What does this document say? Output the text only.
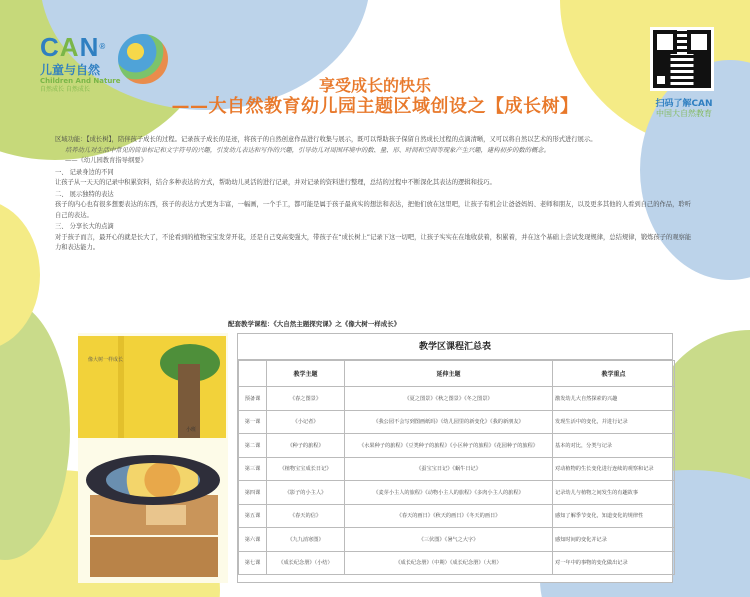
CAN®
儿童与自然
Children And Nature
自然成长 自然成长
扫码了解CAN
中国大自然教育
享受成长的快乐
——大自然教育幼儿园主题区域创设之【成长树】

区域功能：【成长树】，陪伴孩子成长的过程。记录孩子成长的足迹，将孩子的自然创意作品进行收集与展示，既可以帮助孩子保留自然成长过程的点滴清晰，又可以将自然以艺术的形式进行展示。

培养幼儿对生活中常见的简单标记和文字符号的兴趣，引发幼儿表达和写作的兴趣，引导幼儿对周围环境中的数、量、形、时间和空间等现象产生兴趣，建构初步的数的概念。

——《幼儿园教育指导纲要》

一、 记录身边的不同

让孩子从一天天的记录中积累资料，结合多种表达的方式，帮助幼儿灵活的进行记录，并对记录的资料进行整理，总结的过程中不断深化其表达的逻辑和技巧。

二、 展示独特的表达

孩子的内心也有很多想要表达的东西，孩子的表达方式更为丰富，一幅画，一个手工，都可能是属于孩子最真实的想法和表达，把他们放在这里吧，让孩子有机会让爸爸妈妈、老师和朋友，以及更多其他的人看到自己的作品，聆听自己的表达。

三、 分享长大的点滴

对于孩子而言，最开心的就是长大了，不论看到的植物宝宝发芽开花，还是自己变高变强大，带孩子在“成长树上”记录下这一切吧，让孩子实实在在地收获着，积累着，并在这个基础上尝试发现规律，总结规律，锻炼孩子的观察能力和表达能力。

配套教学课程：《大自然主题探究课》之《像大树一样成长》
像大树一样成长
小班
教学区课程汇总表
	教学主题	延伸主题	教学重点
预备课	《春之图景》	《夏之图景》《秋之图景》《冬之图景》	激发幼儿大自然探索的兴趣
第一课	《小记者》	《我公园不会写到图画纸吗》《幼儿园里的新变化》《我的新朋友》	发现生活中的变化，并进行记录
第二课	《种子的旅程》	《水果种子的旅程》《豆类种子的旅程》《小区种子的旅程》《花园种子的旅程》	基本的对比，分类与记录
第三课	《植物宝宝成长日记》	《蚕宝宝日记》《蜗牛日记》	对动植物的生长变化进行连续的观察和记录
第四课	《影子的小主人》	《麦芽小主人的旅程》《动物小主人的旅程》《多肉小主人的旅程》	记录幼儿与植物之间发生的有趣故事
第五课	《春天的信》	《春天的画日》《秋天的画日》《冬天的画日》	感知了解季节变化，知道变化的规律性
第六课	《九九消寒图》	《三伏图》《暑气之大字》	感知时间的变化并记录
第七课	《成长纪念册》（小结）	《成长纪念册》（中期）《成长纪念册》（大班）	对一年中的事物的变化做出记录
